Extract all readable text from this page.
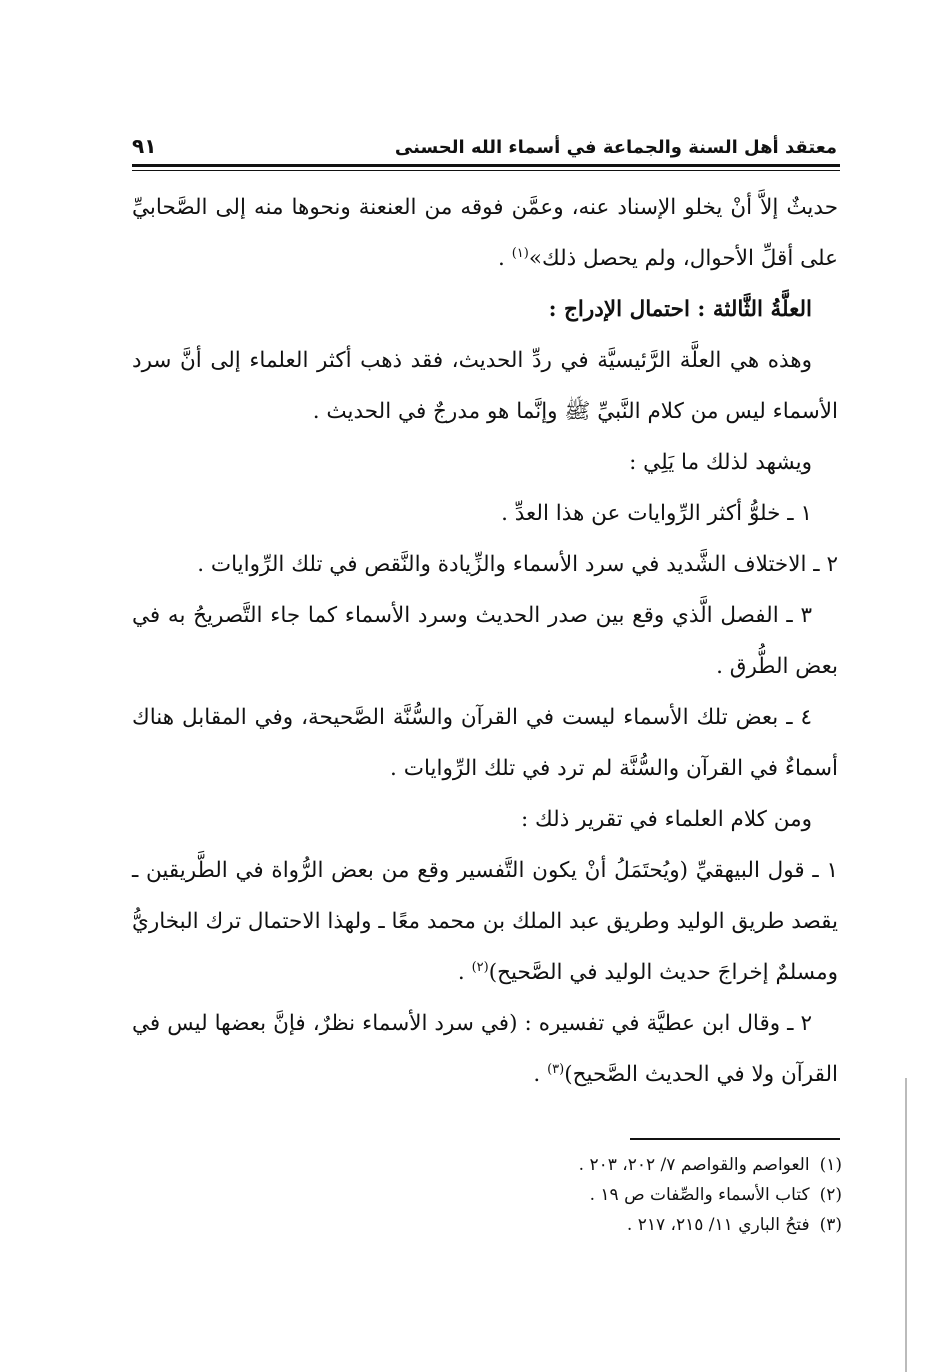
معتقد أهل السنة والجماعة في أسماء الله الحسنى
٩١

حديثٌ إلاَّ أنْ يخلو الإسناد عنه، وعمَّن فوقه من العنعنة ونحوها منه إلى الصَّحابيِّ على أقلِّ الأحوال، ولم يحصل ذلك»$^{(١)}$ .

العلَّةُ الثَّالثة : احتمال الإدراج :

وهذه هي العلَّة الرَّئيسيَّة في ردِّ الحديث، فقد ذهب أكثر العلماء إلى أنَّ سرد الأسماء ليس من كلام النَّبيِّ ﷺ وإنَّما هو مدرجٌ في الحديث .

ويشهد لذلك ما يَلِي :

١ ـ خلوُّ أكثر الرِّوايات عن هذا العدِّ .

٢ ـ الاختلاف الشَّديد في سرد الأسماء والزِّيادة والنَّقص في تلك الرِّوايات .

٣ ـ الفصل الَّذي وقع بين صدر الحديث وسرد الأسماء كما جاء التَّصريحُ به في بعض الطُّرق .

٤ ـ بعض تلك الأسماء ليست في القرآن والسُّنَّة الصَّحيحة، وفي المقابل هناك أسماءٌ في القرآن والسُّنَّة لم ترد في تلك الرِّوايات .

ومن كلام العلماء في تقرير ذلك :

١ ـ قول البيهقيِّ (ويُحتَمَلُ أنْ يكون التَّفسير وقع من بعض الرُّواة في الطَّريقين ـ يقصد طريق الوليد وطريق عبد الملك بن محمد معًا ـ ولهذا الاحتمال ترك البخاريُّ ومسلمٌ إخراجَ حديث الوليد في الصَّحيح)$^{(٢)}$ .

٢ ـ وقال ابن عطيَّة في تفسيره : (في سرد الأسماء نظرٌ، فإنَّ بعضها ليس في القرآن ولا في الحديث الصَّحيح)$^{(٣)}$ .

(١)العواصم والقواصم ٧/ ٢٠٢، ٢٠٣ .
(٢)كتاب الأسماء والصِّفات ص ١٩ .
(٣)فتحُ الباري ١١/ ٢١٥، ٢١٧ .
